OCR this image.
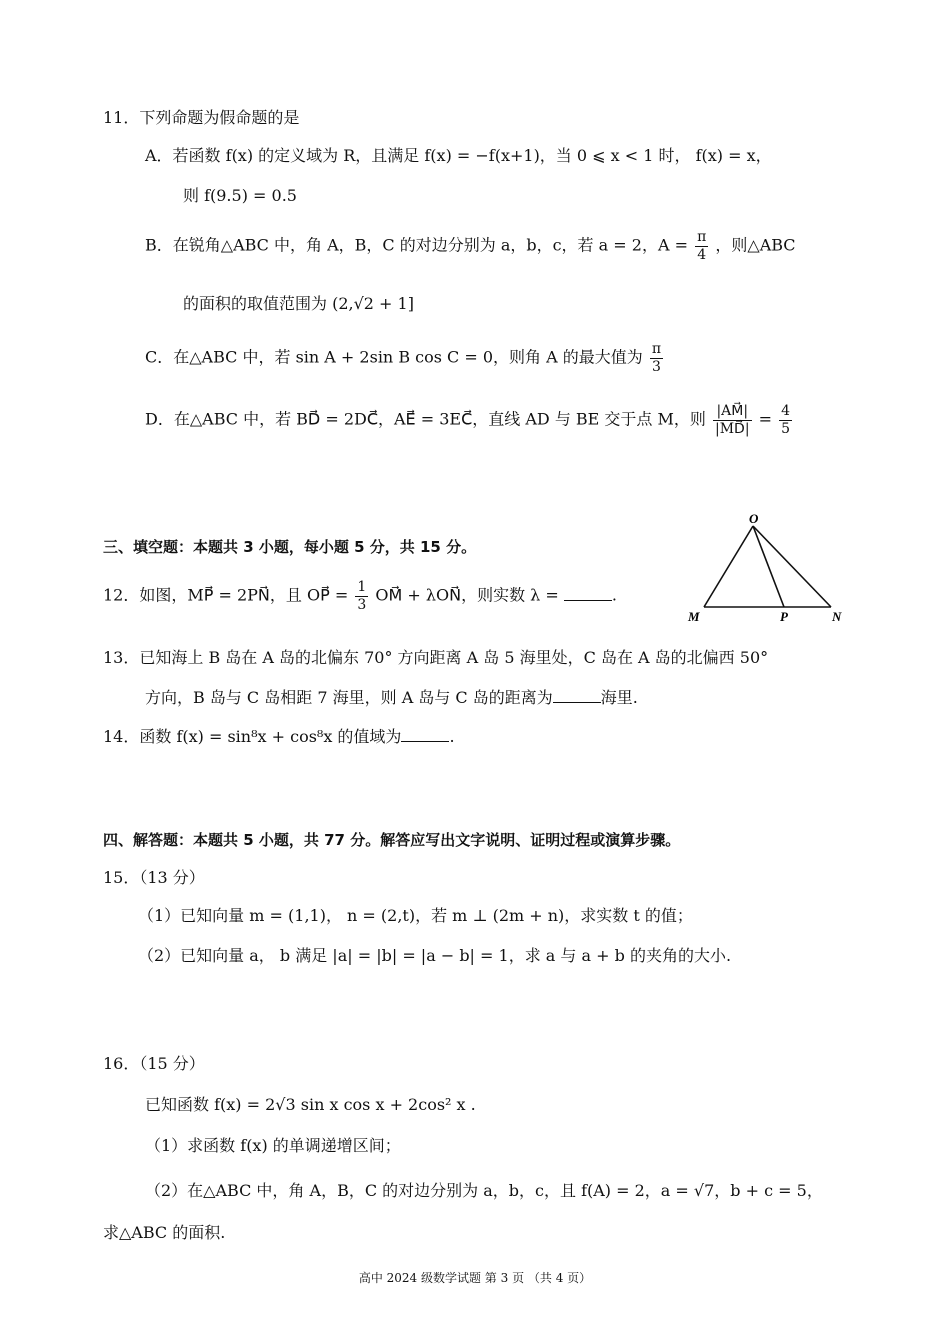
11．下列命题为假命题的是
A．若函数 f(x) 的定义域为 R，且满足 f(x) = −f(x+1)，当 0 ⩽ x < 1 时， f(x) = x，
则 f(9.5) = 0.5
B．在锐角△ABC 中，角 A，B，C 的对边分别为 a，b，c，若 a = 2，$A = \frac{\pi}{4}$ ，则△ABC
的面积的取值范围为 (2,√2 + 1]
C．在△ABC 中，若 sin A + 2sin B cos C = 0，则角 A 的最大值为 $\frac{\pi}{3}$
D．在△ABC 中，若 BD⃗ = 2DC⃗，AE⃗ = 3EC⃗，直线 AD 与 BE 交于点 M，则 $\frac{|AM⃗|}{|MD⃗|} = \frac{4}{5}$
三、填空题：本题共 3 小题，每小题 5 分，共 15 分。
12．如图，MP⃗ = 2PN⃗，且 OP⃗ = $\frac{1}{3}$ OM⃗ + λON⃗，则实数 λ =	.
O
M	P	N
13．已知海上 B 岛在 A 岛的北偏东 70° 方向距离 A 岛 5 海里处，C 岛在 A 岛的北偏西 50°
方向，B 岛与 C 岛相距 7 海里，则 A 岛与 C 岛的距离为	海里.
14．函数 f(x) = sin⁸x + cos⁸x 的值域为	.
四、解答题：本题共 5 小题，共 77 分。解答应写出文字说明、证明过程或演算步骤。
15．（13 分）
（1）已知向量 m = (1,1)， n = (2,t)，若 m ⊥ (2m + n)，求实数 t 的值；
（2）已知向量 a， b 满足 |a| = |b| = |a − b| = 1，求 a 与 a + b 的夹角的大小.
16．（15 分）
已知函数 f(x) = 2√3 sin x cos x + 2cos² x .
（1）求函数 f(x) 的单调递增区间；
（2）在△ABC 中，角 A，B，C 的对边分别为 a，b，c，且 f(A) = 2，a = √7，b + c = 5，
求△ABC 的面积.
高中 2024 级数学试题 第 3 页 （共 4 页）
